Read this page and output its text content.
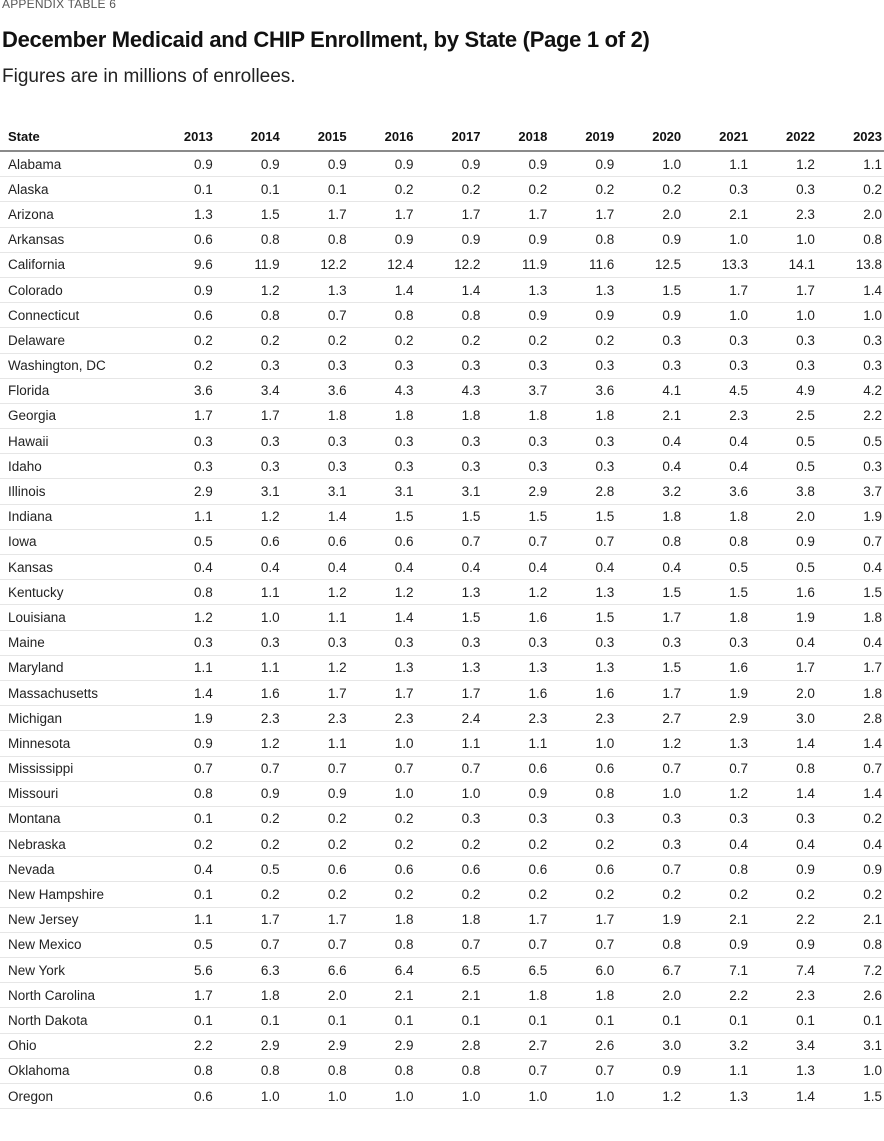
APPENDIX TABLE 6
December Medicaid and CHIP Enrollment, by State (Page 1 of 2)
Figures are in millions of enrollees.
State	2013	2014	2015	2016	2017	2018	2019	2020	2021	2022	2023
Alabama	0.9	0.9	0.9	0.9	0.9	0.9	0.9	1.0	1.1	1.2	1.1
Alaska	0.1	0.1	0.1	0.2	0.2	0.2	0.2	0.2	0.3	0.3	0.2
Arizona	1.3	1.5	1.7	1.7	1.7	1.7	1.7	2.0	2.1	2.3	2.0
Arkansas	0.6	0.8	0.8	0.9	0.9	0.9	0.8	0.9	1.0	1.0	0.8
California	9.6	11.9	12.2	12.4	12.2	11.9	11.6	12.5	13.3	14.1	13.8
Colorado	0.9	1.2	1.3	1.4	1.4	1.3	1.3	1.5	1.7	1.7	1.4
Connecticut	0.6	0.8	0.7	0.8	0.8	0.9	0.9	0.9	1.0	1.0	1.0
Delaware	0.2	0.2	0.2	0.2	0.2	0.2	0.2	0.3	0.3	0.3	0.3
Washington, DC	0.2	0.3	0.3	0.3	0.3	0.3	0.3	0.3	0.3	0.3	0.3
Florida	3.6	3.4	3.6	4.3	4.3	3.7	3.6	4.1	4.5	4.9	4.2
Georgia	1.7	1.7	1.8	1.8	1.8	1.8	1.8	2.1	2.3	2.5	2.2
Hawaii	0.3	0.3	0.3	0.3	0.3	0.3	0.3	0.4	0.4	0.5	0.5
Idaho	0.3	0.3	0.3	0.3	0.3	0.3	0.3	0.4	0.4	0.5	0.3
Illinois	2.9	3.1	3.1	3.1	3.1	2.9	2.8	3.2	3.6	3.8	3.7
Indiana	1.1	1.2	1.4	1.5	1.5	1.5	1.5	1.8	1.8	2.0	1.9
Iowa	0.5	0.6	0.6	0.6	0.7	0.7	0.7	0.8	0.8	0.9	0.7
Kansas	0.4	0.4	0.4	0.4	0.4	0.4	0.4	0.4	0.5	0.5	0.4
Kentucky	0.8	1.1	1.2	1.2	1.3	1.2	1.3	1.5	1.5	1.6	1.5
Louisiana	1.2	1.0	1.1	1.4	1.5	1.6	1.5	1.7	1.8	1.9	1.8
Maine	0.3	0.3	0.3	0.3	0.3	0.3	0.3	0.3	0.3	0.4	0.4
Maryland	1.1	1.1	1.2	1.3	1.3	1.3	1.3	1.5	1.6	1.7	1.7
Massachusetts	1.4	1.6	1.7	1.7	1.7	1.6	1.6	1.7	1.9	2.0	1.8
Michigan	1.9	2.3	2.3	2.3	2.4	2.3	2.3	2.7	2.9	3.0	2.8
Minnesota	0.9	1.2	1.1	1.0	1.1	1.1	1.0	1.2	1.3	1.4	1.4
Mississippi	0.7	0.7	0.7	0.7	0.7	0.6	0.6	0.7	0.7	0.8	0.7
Missouri	0.8	0.9	0.9	1.0	1.0	0.9	0.8	1.0	1.2	1.4	1.4
Montana	0.1	0.2	0.2	0.2	0.3	0.3	0.3	0.3	0.3	0.3	0.2
Nebraska	0.2	0.2	0.2	0.2	0.2	0.2	0.2	0.3	0.4	0.4	0.4
Nevada	0.4	0.5	0.6	0.6	0.6	0.6	0.6	0.7	0.8	0.9	0.9
New Hampshire	0.1	0.2	0.2	0.2	0.2	0.2	0.2	0.2	0.2	0.2	0.2
New Jersey	1.1	1.7	1.7	1.8	1.8	1.7	1.7	1.9	2.1	2.2	2.1
New Mexico	0.5	0.7	0.7	0.8	0.7	0.7	0.7	0.8	0.9	0.9	0.8
New York	5.6	6.3	6.6	6.4	6.5	6.5	6.0	6.7	7.1	7.4	7.2
North Carolina	1.7	1.8	2.0	2.1	2.1	1.8	1.8	2.0	2.2	2.3	2.6
North Dakota	0.1	0.1	0.1	0.1	0.1	0.1	0.1	0.1	0.1	0.1	0.1
Ohio	2.2	2.9	2.9	2.9	2.8	2.7	2.6	3.0	3.2	3.4	3.1
Oklahoma	0.8	0.8	0.8	0.8	0.8	0.7	0.7	0.9	1.1	1.3	1.0
Oregon	0.6	1.0	1.0	1.0	1.0	1.0	1.0	1.2	1.3	1.4	1.5
